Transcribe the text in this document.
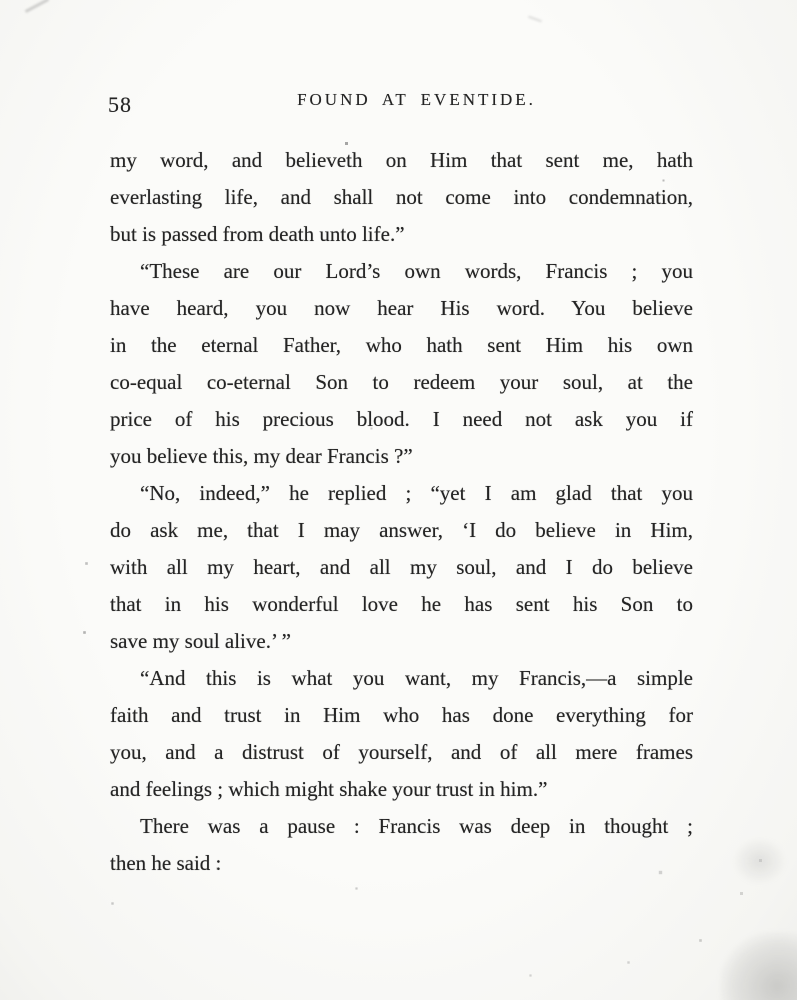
58	FOUND AT EVENTIDE.
my word, and believeth on Him that sent me, hath
everlasting life, and shall not come into condemnation,
but is passed from death unto life.”
“These are our Lord’s own words, Francis ; you
have heard, you now hear His word. You believe
in the eternal Father, who hath sent Him his own
co-equal co-eternal Son to redeem your soul, at the
price of his precious blood. I need not ask you if
you believe this, my dear Francis ?”
“No, indeed,” he replied ; “yet I am glad that you
do ask me, that I may answer, ‘I do believe in Him,
with all my heart, and all my soul, and I do believe
that in his wonderful love he has sent his Son to
save my soul alive.’ ”
“And this is what you want, my Francis,—a simple
faith and trust in Him who has done everything for
you, and a distrust of yourself, and of all mere frames
and feelings ; which might shake your trust in him.”
There was a pause : Francis was deep in thought ;
then he said :
